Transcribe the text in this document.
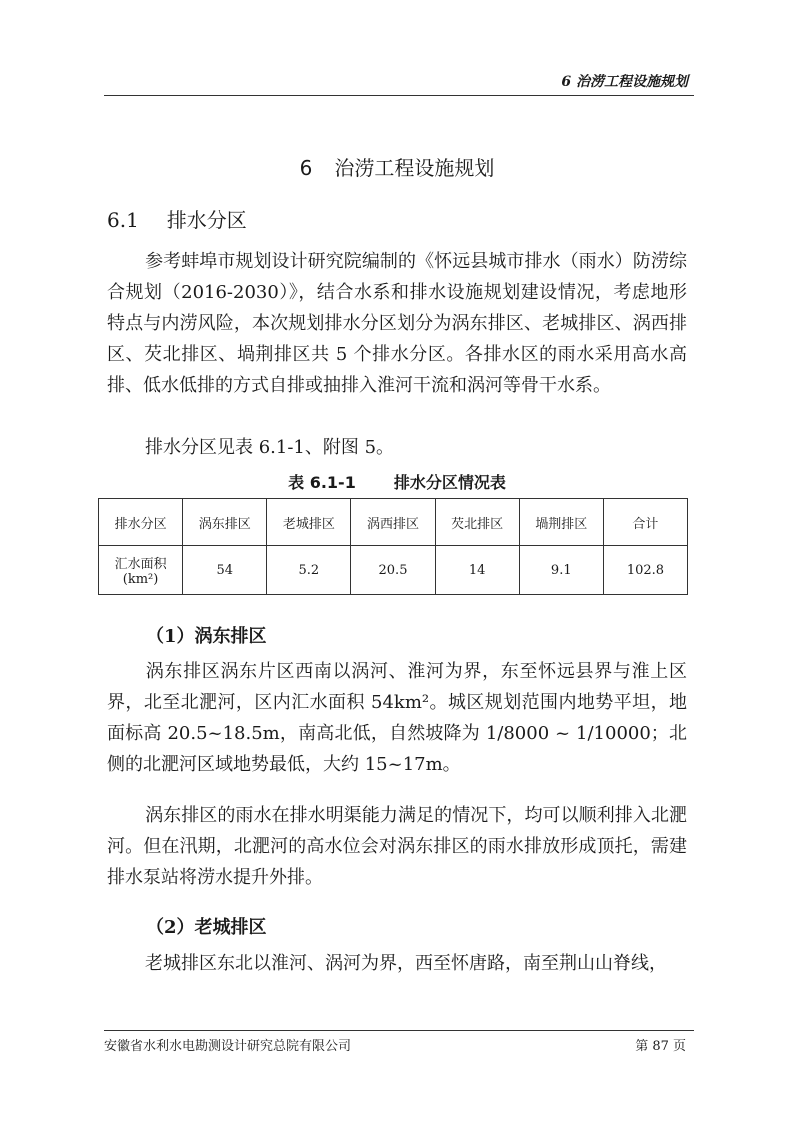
6 治涝工程设施规划
6 治涝工程设施规划
6.1 排水分区
参考蚌埠市规划设计研究院编制的《怀远县城市排水（雨水）防涝综合规划（2016-2030）》，结合水系和排水设施规划建设情况，考虑地形特点与内涝风险，本次规划排水分区划分为涡东排区、老城排区、涡西排区、芡北排区、堝荆排区共 5 个排水分区。各排水区的雨水采用高水高排、低水低排的方式自排或抽排入淮河干流和涡河等骨干水系。
排水分区见表 6.1-1、附图 5。
表 6.1-1 排水分区情况表
排水分区	涡东排区	老城排区	涡西排区	芡北排区	堝荆排区	合计

汇水面积
(km²)	54	5.2	20.5	14	9.1	102.8
（1）涡东排区
涡东排区涡东片区西南以涡河、淮河为界，东至怀远县界与淮上区界，北至北淝河，区内汇水面积 54km²。城区规划范围内地势平坦，地面标高 20.5~18.5m，南高北低，自然坡降为 1/8000 ~ 1/10000；北侧的北淝河区域地势最低，大约 15~17m。
涡东排区的雨水在排水明渠能力满足的情况下，均可以顺利排入北淝河。但在汛期，北淝河的高水位会对涡东排区的雨水排放形成顶托，需建排水泵站将涝水提升外排。
（2）老城排区
老城排区东北以淮河、涡河为界，西至怀唐路，南至荆山山脊线，
安徽省水利水电勘测设计研究总院有限公司	第 87 页
